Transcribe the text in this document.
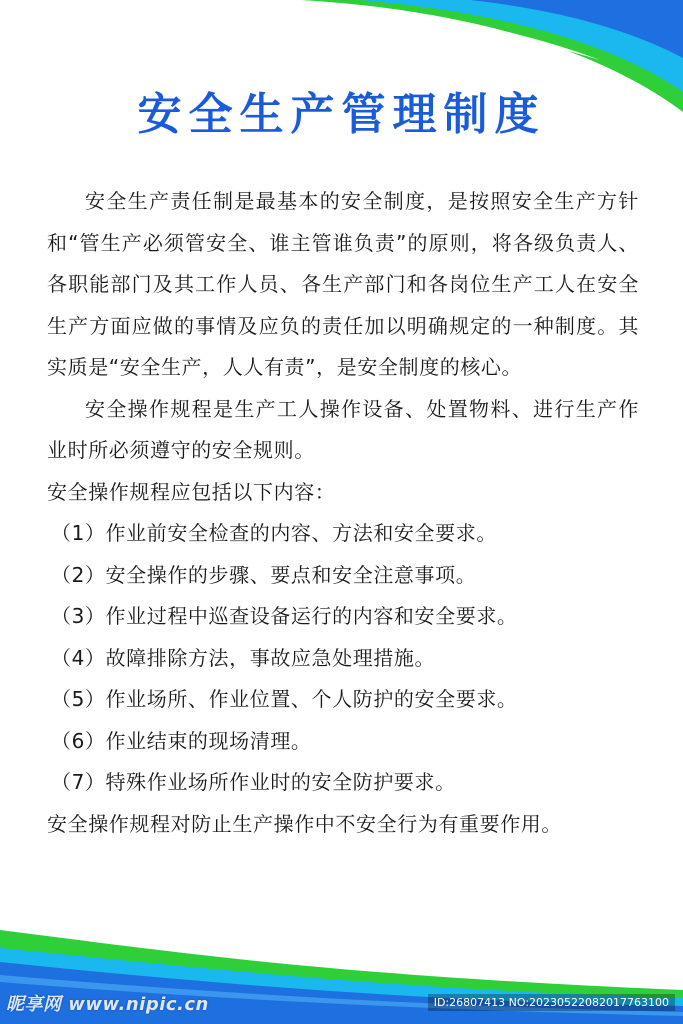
安全生产管理制度

安全生产责任制是最基本的安全制度，是按照安全生产方针和“管生产必须管安全、谁主管谁负责”的原则，将各级负责人、各职能部门及其工作人员、各生产部门和各岗位生产工人在安全生产方面应做的事情及应负的责任加以明确规定的一种制度。其实质是“安全生产，人人有责”，是安全制度的核心。

安全操作规程是生产工人操作设备、处置物料、进行生产作业时所必须遵守的安全规则。

安全操作规程应包括以下内容：

（1）作业前安全检查的内容、方法和安全要求。

（2）安全操作的步骤、要点和安全注意事项。

（3）作业过程中巡查设备运行的内容和安全要求。

（4）故障排除方法，事故应急处理措施。

（5）作业场所、作业位置、个人防护的安全要求。

（6）作业结束的现场清理。

（7）特殊作业场所作业时的安全防护要求。

安全操作规程对防止生产操作中不安全行为有重要作用。

昵享网 www.nipic.cn	ID:26807413 NO:20230522082017763100
